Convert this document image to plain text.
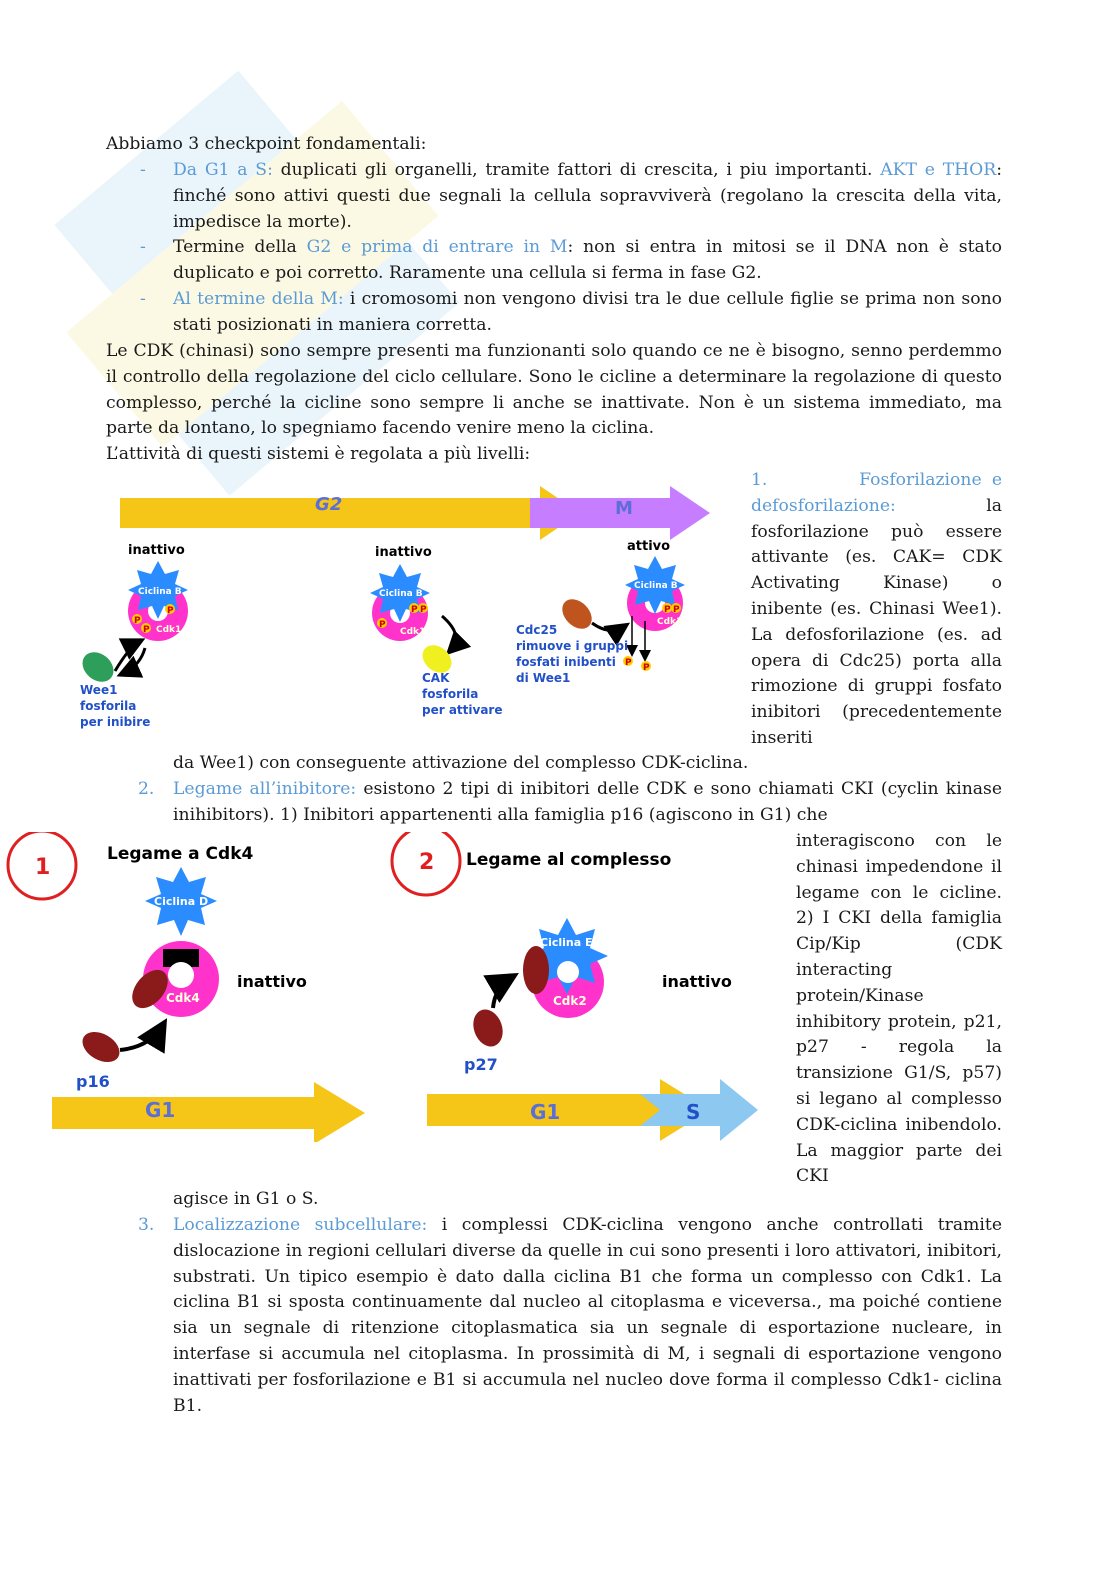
Abbiamo 3 checkpoint fondamentali:
-	Da G1 a S: duplicati gli organelli, tramite fattori di crescita, i piu importanti. AKT e THOR: finché sono attivi questi due segnali la cellula sopravviverà (regolano la crescita della vita, impedisce la morte).
-	Termine della G2 e prima di entrare in M: non si entra in mitosi se il DNA non è stato duplicato e poi corretto. Raramente una cellula si ferma in fase G2.
-	Al termine della M: i cromosomi non vengono divisi tra le due cellule figlie se prima non sono stati posizionati in maniera corretta.
Le CDK (chinasi) sono sempre presenti ma funzionanti solo quando ce ne è bisogno, senno perdemmo il controllo della regolazione del ciclo cellulare. Sono le cicline a determinare la regolazione di questo complesso, perché la cicline sono sempre li anche se inattivate. Non è un sistema immediato, ma parte da lontano, lo spegniamo facendo venire meno la ciclina.
L’attività di questi sistemi è regolata a più livelli:
1.	Fosforilazione e defosforilazione: la fosforilazione può essere attivante (es. CAK= CDK Activating Kinase) o inibente (es. Chinasi Wee1). La defosforilazione (es. ad opera di Cdc25) porta alla rimozione di gruppi fosfato inibitori (precedentemente inseriti
G2	M
inattivo	inattivo	attivo
Ciclina B
Cdk1
P
P
P
Wee1
fosforila
per inibire
Ciclina B
Cdk1
P P
P
CAK
fosforila
per attivare
Ciclina B
Cdk1
P P
P P
Cdc25
rimuove i gruppi
fosfati inibenti
di Wee1
da Wee1) con conseguente attivazione del complesso CDK-ciclina.
2.	Legame all’inibitore: esistono 2 tipi di inibitori delle CDK e sono chiamati CKI (cyclin kinase inihibitors). 1) Inibitori appartenenti alla famiglia p16 (agiscono in G1) che
interagiscono con le chinasi impedendone il legame con le cicline. 2) I CKI della famiglia Cip/Kip (CDK interacting protein/Kinase inhibitory protein, p21, p27 - regola la transizione G1/S, p57) si legano al complesso CDK-ciclina inibendolo. La maggior parte dei CKI
1
Legame a Cdk4
Ciclina D
Cdk4
inattivo
p16
G1
2 Legame al complesso
Ciclina E
Cdk2
inattivo
p27
G1	S
agisce in G1 o S.
3.	Localizzazione subcellulare: i complessi CDK-ciclina vengono anche controllati tramite dislocazione in regioni cellulari diverse da quelle in cui sono presenti i loro attivatori, inibitori, substrati. Un tipico esempio è dato dalla ciclina B1 che forma un complesso con Cdk1. La ciclina B1 si sposta continuamente dal nucleo al citoplasma e viceversa., ma poiché contiene sia un segnale di ritenzione citoplasmatica sia un segnale di esportazione nucleare, in interfase si accumula nel citoplasma. In prossimità di M, i segnali di esportazione vengono inattivati per fosforilazione e B1 si accumula nel nucleo dove forma il complesso Cdk1- ciclina B1.
